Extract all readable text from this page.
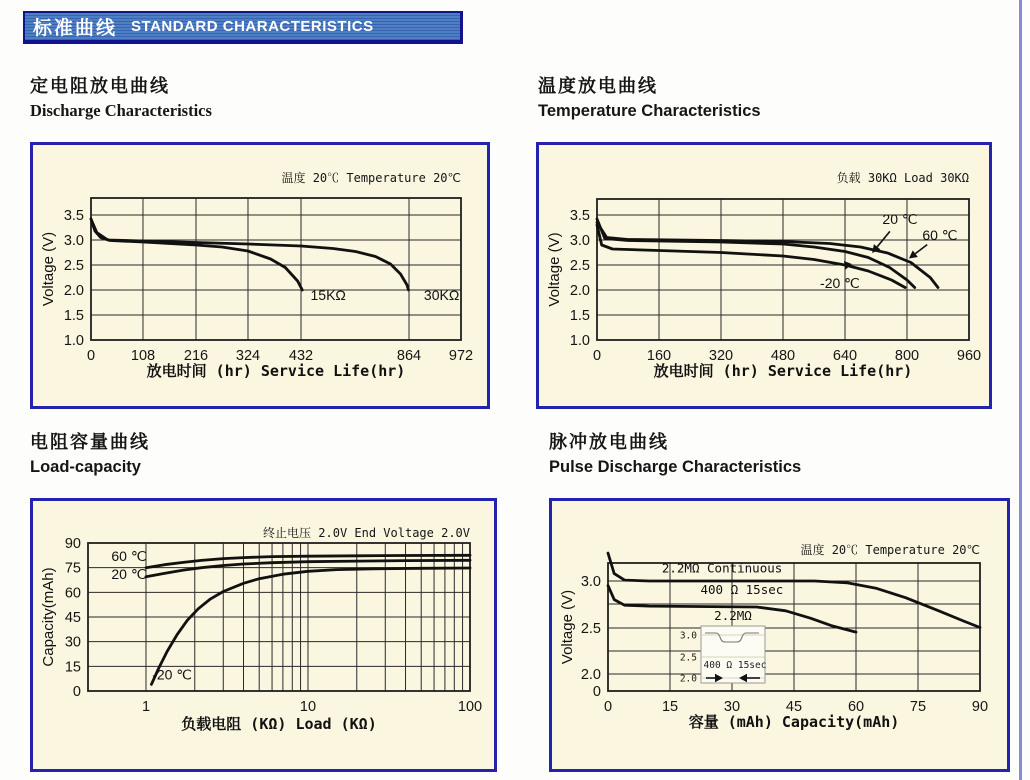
标准曲线 STANDARD CHARACTERISTICS
定电阻放电曲线
Discharge Characteristics
温度放电曲线
Temperature Characteristics
电阻容量曲线
Load-capacity
脉冲放电曲线
Pulse Discharge Characteristics
0 108 216 324 432	864 972
3.5
3.0
2.5
2.0
1.5
1.0
15KΩ	30KΩ
温度 20℃ Temperature 20℃
放电时间 (hr) Service Life(hr)
Voltage (V)
0	160	320	480	640	800	960
3.5
3.0
2.5
2.0
1.5
1.0
20 ℃
60 ℃
-20 ℃
负载 30KΩ Load 30KΩ
放电时间 (hr) Service Life(hr)
Voltage (V)
1	10	100
90
75
60
45
30
15
0
60 ℃
20 ℃
-20 ℃
终止电压 2.0V End Voltage 2.0V
负载电阻 (KΩ) Load (KΩ)
Capacity(mAh)
0	15	30	45	60	75	90
3.0
2.5
2.0
0
2.2MΩ Continuous
400 Ω 15sec
温度 20℃ Temperature 20℃
容量 (mAh) Capacity(mAh)
Voltage (V)	2.2MΩ
3.0
2.5
2.0
400 Ω 15sec
